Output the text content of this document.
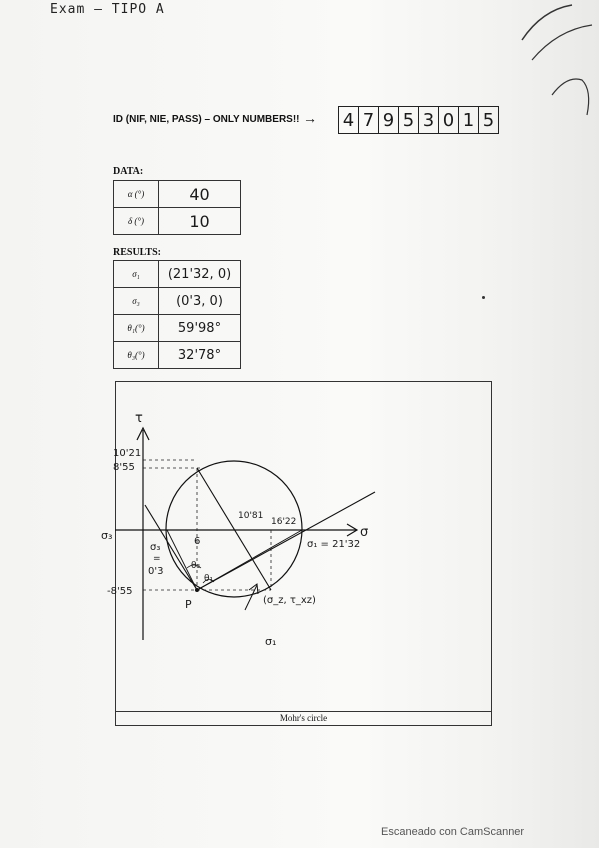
Exam — TIPO A
ID (NIF, NIE, PASS) – ONLY NUMBERS!! → 4 7 9 5 3 0 1 5
DATA:
α (°)	40
δ (°)	10
RESULTS:
σ₁	(21'32, 0)
σ₃	(0'3, 0)
θ₁(°)	59'98°
θ₃(°)	32'78°
Mohr's circle
τ
σ
10'21
8'55
-8'55
σ₃
σ₃
=
0'3
6
10'81
16'22
σ₁ = 21'32
θ₃
θ₁
P	(σ_z, τ_xz)
σ₁
Escaneado con CamScanner
